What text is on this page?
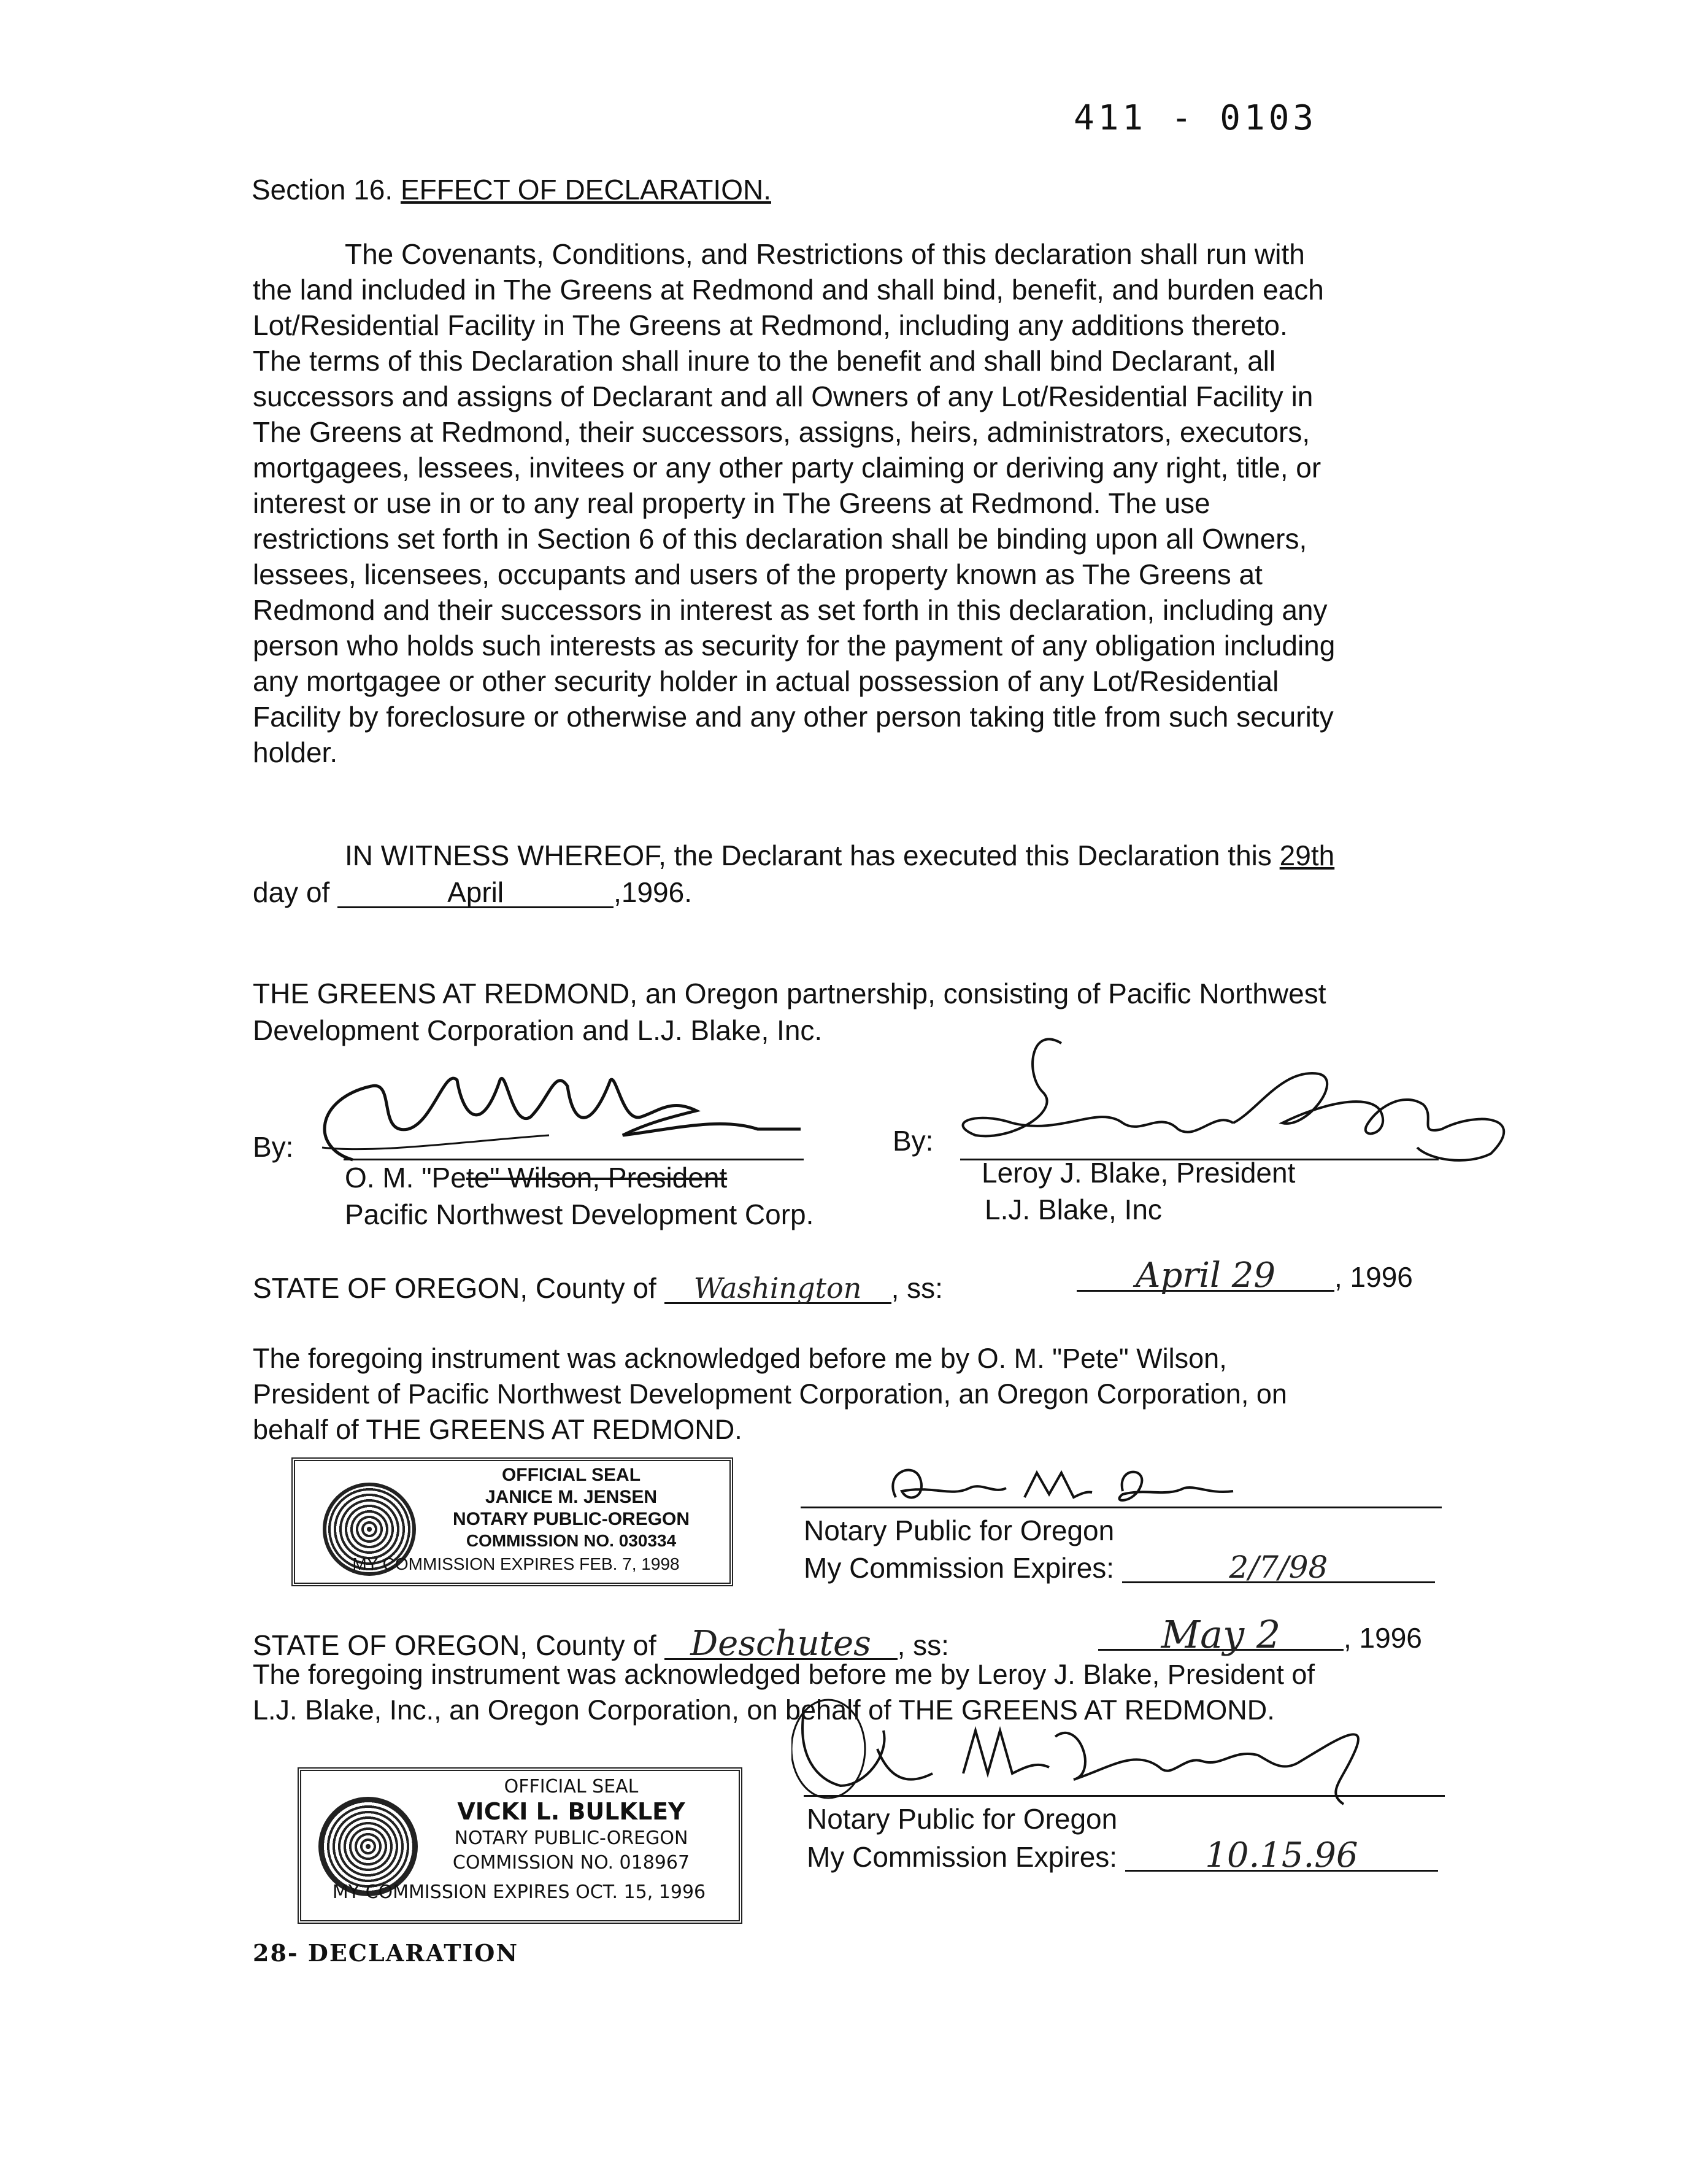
411 - 0103
Section 16. EFFECT OF DECLARATION.
The Covenants, Conditions, and Restrictions of this declaration shall run with
the land included in The Greens at Redmond and shall bind, benefit, and burden each
Lot/Residential Facility in The Greens at Redmond, including any additions thereto.
The terms of this Declaration shall inure to the benefit and shall bind Declarant, all
successors and assigns of Declarant and all Owners of any Lot/Residential Facility in
The Greens at Redmond, their successors, assigns, heirs, administrators, executors,
mortgagees, lessees, invitees or any other party claiming or deriving any right, title, or
interest or use in or to any real property in The Greens at Redmond. The use
restrictions set forth in Section 6 of this declaration shall be binding upon all Owners,
lessees, licensees, occupants and users of the property known as The Greens at
Redmond and their successors in interest as set forth in this declaration, including any
person who holds such interests as security for the payment of any obligation including
any mortgagee or other security holder in actual possession of any Lot/Residential
Facility by foreclosure or otherwise and any other person taking title from such security
holder.
IN WITNESS WHEREOF, the Declarant has executed this Declaration this 29th
day of	April	,1996.
THE GREENS AT REDMOND, an Oregon partnership, consisting of Pacific Northwest
Development Corporation and L.J. Blake, Inc.
By:
O. M. "Pete" Wilson, President
Pacific Northwest Development Corp.
By:
Leroy J. Blake, President
L.J. Blake, Inc
STATE OF OREGON, County of Washington , ss:	April 29 , 1996
The foregoing instrument was acknowledged before me by O. M. "Pete" Wilson,
President of Pacific Northwest Development Corporation, an Oregon Corporation, on
behalf of THE GREENS AT REDMOND.
OFFICIAL SEAL
JANICE M. JENSEN
NOTARY PUBLIC-OREGON
COMMISSION NO. 030334
MY COMMISSION EXPIRES FEB. 7, 1998
Notary Public for Oregon
My Commission Expires:	2/7/98
STATE OF OREGON, County of Deschutes , ss:	May 2 , 1996
The foregoing instrument was acknowledged before me by Leroy J. Blake, President of
L.J. Blake, Inc., an Oregon Corporation, on behalf of THE GREENS AT REDMOND.
OFFICIAL SEAL
VICKI L. BULKLEY
NOTARY PUBLIC-OREGON
COMMISSION NO. 018967
MY COMMISSION EXPIRES OCT. 15, 1996
Notary Public for Oregon
My Commission Expires:	10.15.96
28- DECLARATION
